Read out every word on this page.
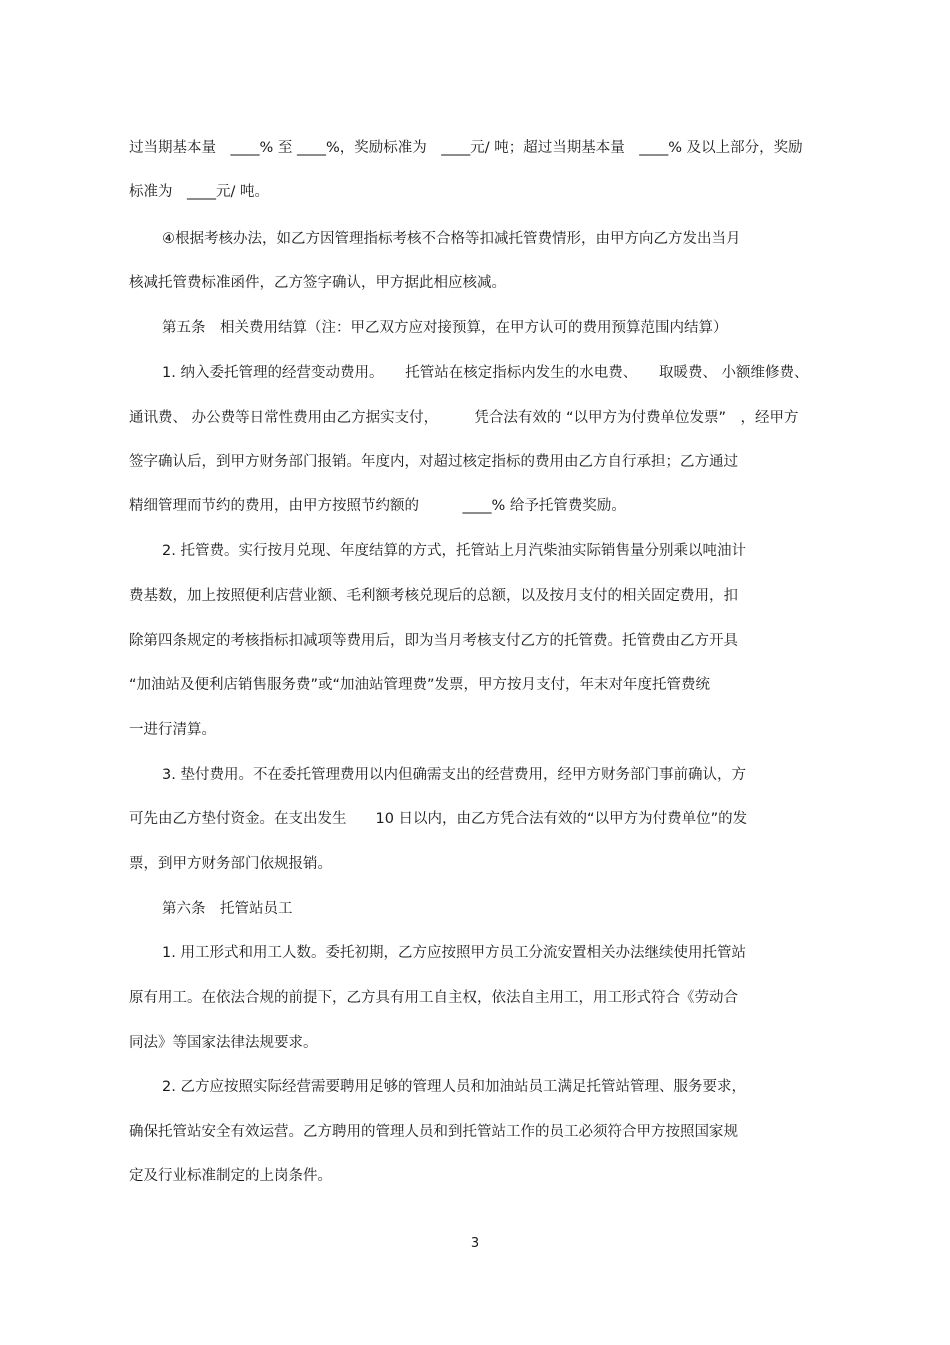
过当期基本量　____% 至 ____%，奖励标准为　____元/ 吨；超过当期基本量　____% 及以上部分，奖励
标准为　____元/ 吨。
④根据考核办法，如乙方因管理指标考核不合格等扣减托管费情形，由甲方向乙方发出当月
核减托管费标准函件，乙方签字确认，甲方据此相应核减。
第五条　相关费用结算（注：甲乙双方应对接预算，在甲方认可的费用预算范围内结算）
1. 纳入委托管理的经营变动费用。　　托管站在核定指标内发生的水电费、　　取暖费、 小额维修费、
通讯费、 办公费等日常性费用由乙方据实支付，　　　凭合法有效的 “以甲方为付费单位发票”　，经甲方
签字确认后，到甲方财务部门报销。年度内，对超过核定指标的费用由乙方自行承担；乙方通过
精细管理而节约的费用，由甲方按照节约额的　　　____% 给予托管费奖励。
2. 托管费。实行按月兑现、年度结算的方式，托管站上月汽柴油实际销售量分别乘以吨油计
费基数，加上按照便利店营业额、毛利额考核兑现后的总额，以及按月支付的相关固定费用，扣
除第四条规定的考核指标扣减项等费用后，即为当月考核支付乙方的托管费。托管费由乙方开具
“加油站及便利店销售服务费”或“加油站管理费”发票，甲方按月支付，年末对年度托管费统
一进行清算。
3. 垫付费用。不在委托管理费用以内但确需支出的经营费用，经甲方财务部门事前确认，方
可先由乙方垫付资金。在支出发生　　10 日以内，由乙方凭合法有效的“以甲方为付费单位”的发
票，到甲方财务部门依规报销。
第六条　托管站员工
1. 用工形式和用工人数。委托初期，乙方应按照甲方员工分流安置相关办法继续使用托管站
原有用工。在依法合规的前提下，乙方具有用工自主权，依法自主用工，用工形式符合《劳动合
同法》等国家法律法规要求。
2. 乙方应按照实际经营需要聘用足够的管理人员和加油站员工满足托管站管理、服务要求，
确保托管站安全有效运营。乙方聘用的管理人员和到托管站工作的员工必须符合甲方按照国家规
定及行业标准制定的上岗条件。
3
